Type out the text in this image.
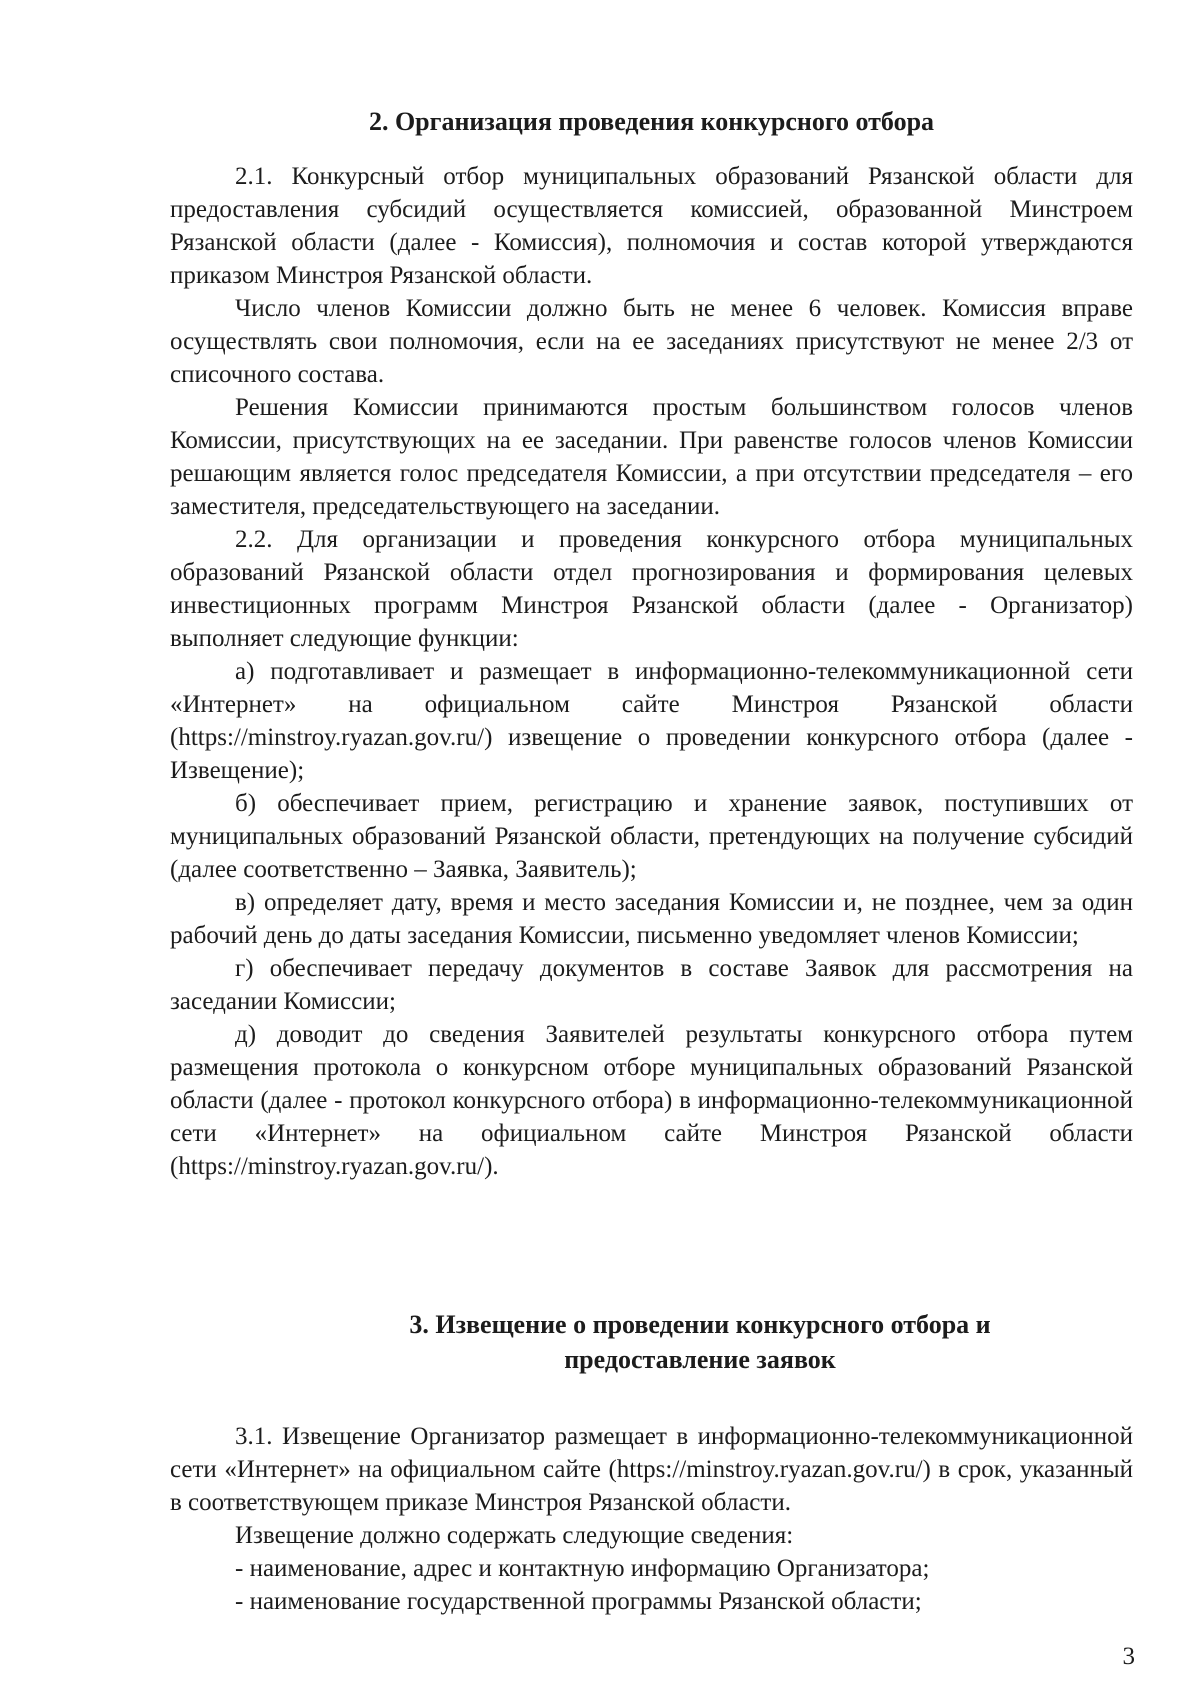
2. Организация проведения конкурсного отбора

2.1. Конкурсный отбор муниципальных образований Рязанской области для предоставления субсидий осуществляется комиссией, образованной Минстроем Рязанской области (далее - Комиссия), полномочия и состав которой утверждаются приказом Минстроя Рязанской области.

Число членов Комиссии должно быть не менее 6 человек. Комиссия вправе осуществлять свои полномочия, если на ее заседаниях присутствуют не менее 2/3 от списочного состава.

Решения Комиссии принимаются простым большинством голосов членов Комиссии, присутствующих на ее заседании. При равенстве голосов членов Комиссии решающим является голос председателя Комиссии, а при отсутствии председателя – его заместителя, председательствующего на заседании.

2.2. Для организации и проведения конкурсного отбора муниципальных образований Рязанской области отдел прогнозирования и формирования целевых инвестиционных программ Минстроя Рязанской области (далее - Организатор) выполняет следующие функции:

а) подготавливает и размещает в информационно-телекоммуникационной сети «Интернет» на официальном сайте Минстроя Рязанской области (https://minstroy.ryazan.gov.ru/) извещение о проведении конкурсного отбора (далее - Извещение);

б) обеспечивает прием, регистрацию и хранение заявок, поступивших от муниципальных образований Рязанской области, претендующих на получение субсидий (далее соответственно – Заявка, Заявитель);

в) определяет дату, время и место заседания Комиссии и, не позднее, чем за один рабочий день до даты заседания Комиссии, письменно уведомляет членов Комиссии;

г) обеспечивает передачу документов в составе Заявок для рассмотрения на заседании Комиссии;

д) доводит до сведения Заявителей результаты конкурсного отбора путем размещения протокола о конкурсном отборе муниципальных образований Рязанской области (далее - протокол конкурсного отбора) в информационно-телекоммуникационной сети «Интернет» на официальном сайте Минстроя Рязанской области (https://minstroy.ryazan.gov.ru/).

3. Извещение о проведении конкурсного отбора и
предоставление заявок

3.1. Извещение Организатор размещает в информационно-телекоммуникационной сети «Интернет» на официальном сайте (https://minstroy.ryazan.gov.ru/) в срок, указанный в соответствующем приказе Минстроя Рязанской области.

Извещение должно содержать следующие сведения:

- наименование, адрес и контактную информацию Организатора;

- наименование государственной программы Рязанской области;

3
